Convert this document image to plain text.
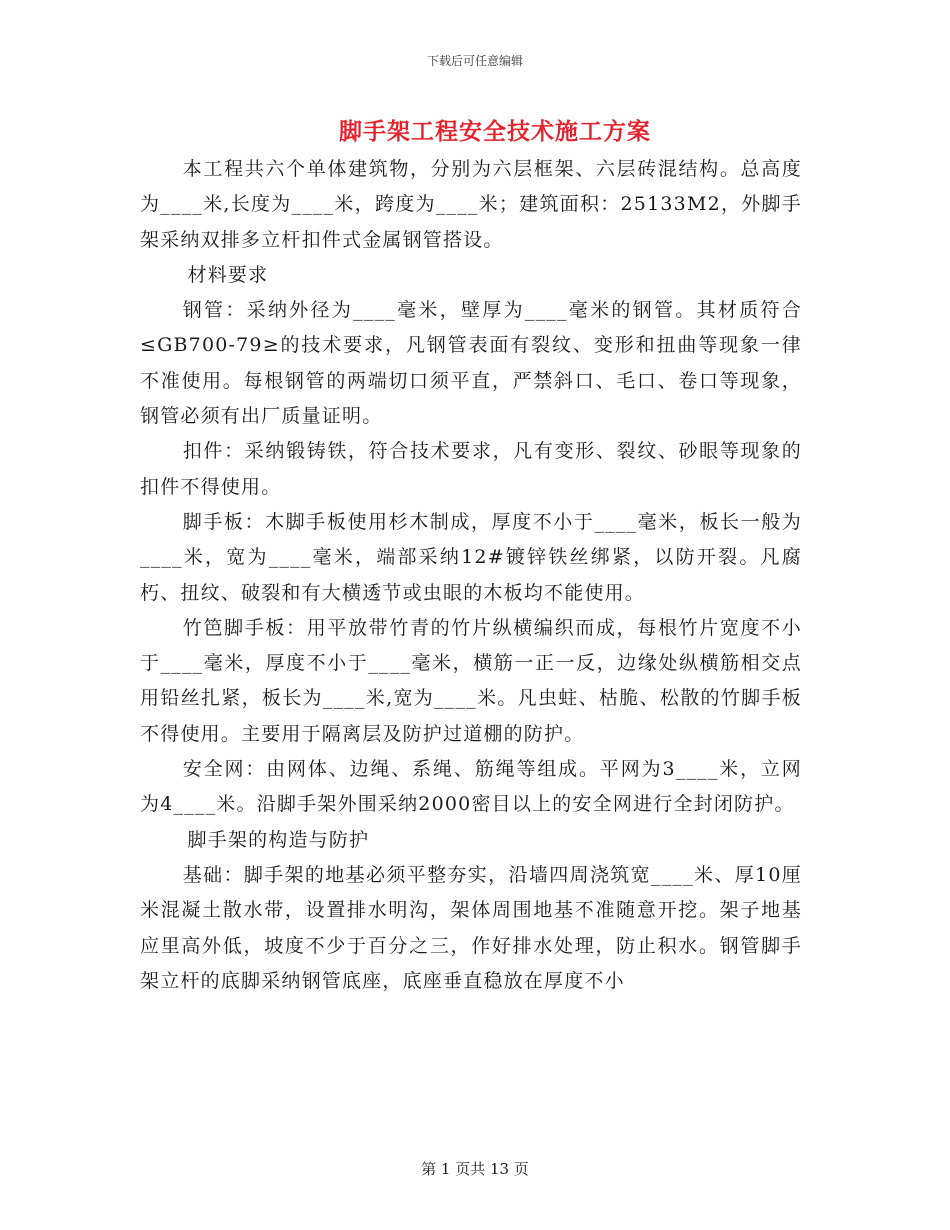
下载后可任意编辑
脚手架工程安全技术施工方案

本工程共六个单体建筑物，分别为六层框架、六层砖混结构。总高度为____米,长度为____米，跨度为____米；建筑面积：25133M2，外脚手架采纳双排多立杆扣件式金属钢管搭设。

材料要求

钢管：采纳外径为____毫米，壁厚为____毫米的钢管。其材质符合≤GB700-79≥的技术要求，凡钢管表面有裂纹、变形和扭曲等现象一律不准使用。每根钢管的两端切口须平直，严禁斜口、毛口、卷口等现象，钢管必须有出厂质量证明。

扣件：采纳锻铸铁，符合技术要求，凡有变形、裂纹、砂眼等现象的扣件不得使用。

脚手板：木脚手板使用杉木制成，厚度不小于____毫米，板长一般为____米，宽为____毫米，端部采纳12#镀锌铁丝绑紧，以防开裂。凡腐朽、扭纹、破裂和有大横透节或虫眼的木板均不能使用。

竹笆脚手板：用平放带竹青的竹片纵横编织而成，每根竹片宽度不小于____毫米，厚度不小于____毫米，横筋一正一反，边缘处纵横筋相交点用铅丝扎紧，板长为____米,宽为____米。凡虫蛀、枯脆、松散的竹脚手板不得使用。主要用于隔离层及防护过道棚的防护。

安全网：由网体、边绳、系绳、筋绳等组成。平网为3____米，立网为4____米。沿脚手架外围采纳2000密目以上的安全网进行全封闭防护。

脚手架的构造与防护

基础：脚手架的地基必须平整夯实，沿墙四周浇筑宽____米、厚10厘米混凝土散水带，设置排水明沟，架体周围地基不准随意开挖。架子地基应里高外低，坡度不少于百分之三，作好排水处理，防止积水。钢管脚手架立杆的底脚采纳钢管底座，底座垂直稳放在厚度不小

第 1 页共 13 页
